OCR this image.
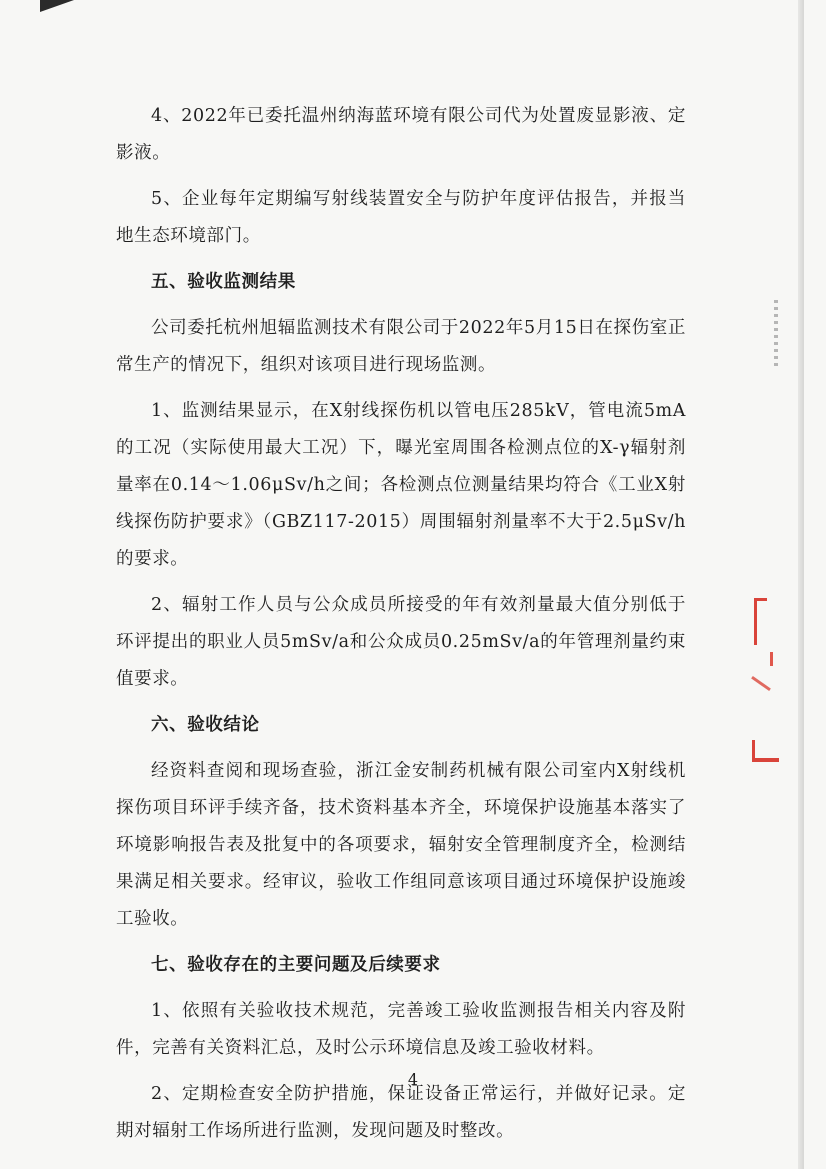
4、2022年已委托温州纳海蓝环境有限公司代为处置废显影液、定影液。

5、企业每年定期编写射线装置安全与防护年度评估报告，并报当地生态环境部门。

五、验收监测结果

公司委托杭州旭辐监测技术有限公司于2022年5月15日在探伤室正常生产的情况下，组织对该项目进行现场监测。

1、监测结果显示，在X射线探伤机以管电压285kV，管电流5mA的工况（实际使用最大工况）下，曝光室周围各检测点位的X-γ辐射剂量率在0.14～1.06μSv/h之间；各检测点位测量结果均符合《工业X射线探伤防护要求》（GBZ117-2015）周围辐射剂量率不大于2.5μSv/h的要求。

2、辐射工作人员与公众成员所接受的年有效剂量最大值分别低于环评提出的职业人员5mSv/a和公众成员0.25mSv/a的年管理剂量约束值要求。

六、验收结论

经资料查阅和现场查验，浙江金安制药机械有限公司室内X射线机探伤项目环评手续齐备，技术资料基本齐全，环境保护设施基本落实了环境影响报告表及批复中的各项要求，辐射安全管理制度齐全，检测结果满足相关要求。经审议，验收工作组同意该项目通过环境保护设施竣工验收。

七、验收存在的主要问题及后续要求

1、依照有关验收技术规范，完善竣工验收监测报告相关内容及附件，完善有关资料汇总，及时公示环境信息及竣工验收材料。

2、定期检查安全防护措施，保证设备正常运行，并做好记录。定期对辐射工作场所进行监测，发现问题及时整改。

4
